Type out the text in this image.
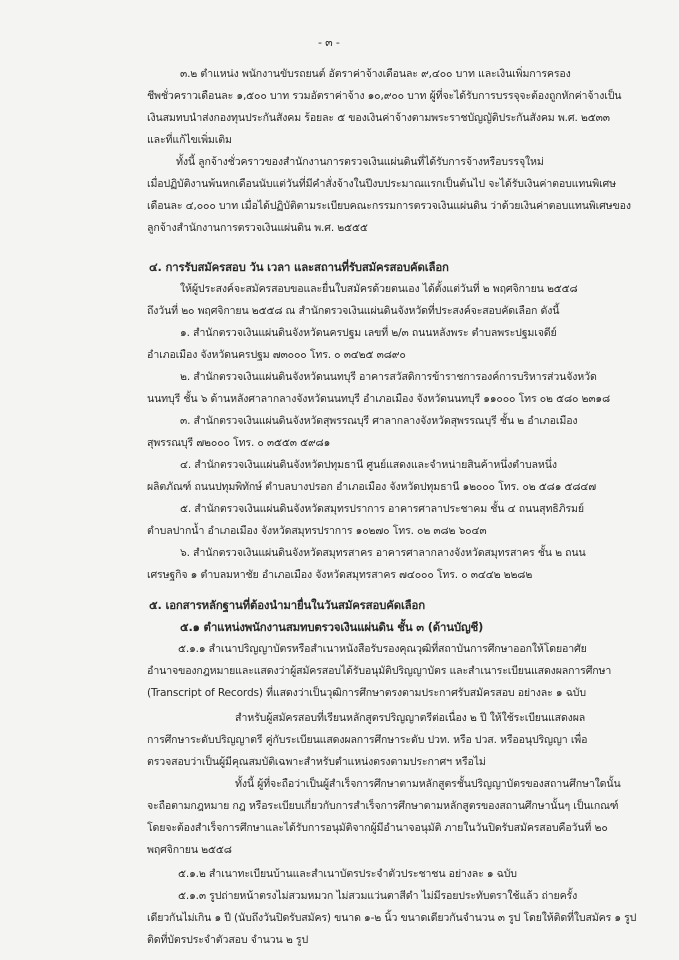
- ๓ -
๓.๒ ตำแหน่ง พนักงานขับรถยนต์ อัตราค่าจ้างเดือนละ ๙,๔๐๐ บาท และเงินเพิ่มการครอง
ชีพชั่วคราวเดือนละ ๑,๕๐๐ บาท รวมอัตราค่าจ้าง ๑๐,๙๐๐ บาท ผู้ที่จะได้รับการบรรจุจะต้องถูกหักค่าจ้างเป็น
เงินสมทบนำส่งกองทุนประกันสังคม ร้อยละ ๕ ของเงินค่าจ้างตามพระราชบัญญัติประกันสังคม พ.ศ. ๒๕๓๓
และที่แก้ไขเพิ่มเติม
ทั้งนี้ ลูกจ้างชั่วคราวของสำนักงานการตรวจเงินแผ่นดินที่ได้รับการจ้างหรือบรรจุใหม่
เมื่อปฏิบัติงานพ้นหกเดือนนับแต่วันที่มีคำสั่งจ้างในปีงบประมาณแรกเป็นต้นไป จะได้รับเงินค่าตอบแทนพิเศษ
เดือนละ ๔,๐๐๐ บาท เมื่อได้ปฏิบัติตามระเบียบคณะกรรมการตรวจเงินแผ่นดิน ว่าด้วยเงินค่าตอบแทนพิเศษของ
ลูกจ้างสำนักงานการตรวจเงินแผ่นดิน พ.ศ. ๒๕๕๕
๔. การรับสมัครสอบ วัน เวลา และสถานที่รับสมัครสอบคัดเลือก
ให้ผู้ประสงค์จะสมัครสอบขอและยื่นใบสมัครด้วยตนเอง ได้ตั้งแต่วันที่ ๒ พฤศจิกายน ๒๕๕๘
ถึงวันที่ ๒๐ พฤศจิกายน ๒๕๕๘ ณ สำนักตรวจเงินแผ่นดินจังหวัดที่ประสงค์จะสอบคัดเลือก ดังนี้
๑. สำนักตรวจเงินแผ่นดินจังหวัดนครปฐม เลขที่ ๒/๓ ถนนหลังพระ ตำบลพระปฐมเจดีย์
อำเภอเมือง จังหวัดนครปฐม ๗๓๐๐๐ โทร. ๐ ๓๔๒๕ ๓๘๙๐
๒. สำนักตรวจเงินแผ่นดินจังหวัดนนทบุรี อาคารสวัสดิการข้าราชการองค์การบริหารส่วนจังหวัด
นนทบุรี ชั้น ๖ ด้านหลังศาลากลางจังหวัดนนทบุรี อำเภอเมือง จังหวัดนนทบุรี ๑๑๐๐๐ โทร ๐๒ ๕๘๐ ๒๓๑๘
๓. สำนักตรวจเงินแผ่นดินจังหวัดสุพรรณบุรี ศาลากลางจังหวัดสุพรรณบุรี ชั้น ๒ อำเภอเมือง
สุพรรณบุรี ๗๒๐๐๐ โทร. ๐ ๓๕๕๓ ๕๙๘๑
๔. สำนักตรวจเงินแผ่นดินจังหวัดปทุมธานี ศูนย์แสดงและจำหน่ายสินค้าหนึ่งตำบลหนึ่ง
ผลิตภัณฑ์ ถนนปทุมพิทักษ์ ตำบลบางปรอก อำเภอเมือง จังหวัดปทุมธานี ๑๒๐๐๐ โทร. ๐๒ ๕๘๑ ๕๘๔๗
๕. สำนักตรวจเงินแผ่นดินจังหวัดสมุทรปราการ อาคารศาลาประชาคม ชั้น ๔ ถนนสุทธิภิรมย์
ตำบลปากน้ำ อำเภอเมือง จังหวัดสมุทรปราการ ๑๐๒๗๐ โทร. ๐๒ ๓๘๒ ๖๐๔๓
๖. สำนักตรวจเงินแผ่นดินจังหวัดสมุทรสาคร อาคารศาลากลางจังหวัดสมุทรสาคร ชั้น ๒ ถนน
เศรษฐกิจ ๑ ตำบลมหาชัย อำเภอเมือง จังหวัดสมุทรสาคร ๗๔๐๐๐ โทร. ๐ ๓๔๔๒ ๒๒๘๒
๕. เอกสารหลักฐานที่ต้องนำมายื่นในวันสมัครสอบคัดเลือก
๕.๑ ตำแหน่งพนักงานสมทบตรวจเงินแผ่นดิน ชั้น ๓ (ด้านบัญชี)
๕.๑.๑ สำเนาปริญญาบัตรหรือสำเนาหนังสือรับรองคุณวุฒิที่สถาบันการศึกษาออกให้โดยอาศัย
อำนาจของกฎหมายและแสดงว่าผู้สมัครสอบได้รับอนุมัติปริญญาบัตร และสำเนาระเบียนแสดงผลการศึกษา
(Transcript of Records) ที่แสดงว่าเป็นวุฒิการศึกษาตรงตามประกาศรับสมัครสอบ อย่างละ ๑ ฉบับ
สำหรับผู้สมัครสอบที่เรียนหลักสูตรปริญญาตรีต่อเนื่อง ๒ ปี ให้ใช้ระเบียนแสดงผล
การศึกษาระดับปริญญาตรี คู่กับระเบียนแสดงผลการศึกษาระดับ ปวท. หรือ ปวส. หรืออนุปริญญา เพื่อ
ตรวจสอบว่าเป็นผู้มีคุณสมบัติเฉพาะสำหรับตำแหน่งตรงตามประกาศฯ หรือไม่
ทั้งนี้ ผู้ที่จะถือว่าเป็นผู้สำเร็จการศึกษาตามหลักสูตรชั้นปริญญาบัตรของสถานศึกษาใดนั้น
จะถือตามกฎหมาย กฎ หรือระเบียบเกี่ยวกับการสำเร็จการศึกษาตามหลักสูตรของสถานศึกษานั้นๆ เป็นเกณฑ์
โดยจะต้องสำเร็จการศึกษาและได้รับการอนุมัติจากผู้มีอำนาจอนุมัติ ภายในวันปิดรับสมัครสอบคือวันที่ ๒๐
พฤศจิกายน ๒๕๕๘
๕.๑.๒ สำเนาทะเบียนบ้านและสำเนาบัตรประจำตัวประชาชน อย่างละ ๑ ฉบับ
๕.๑.๓ รูปถ่ายหน้าตรงไม่สวมหมวก ไม่สวมแว่นตาสีดำ ไม่มีรอยประทับตราใช้แล้ว ถ่ายครั้ง
เดียวกันไม่เกิน ๑ ปี (นับถึงวันปิดรับสมัคร) ขนาด ๑-๒ นิ้ว ขนาดเดียวกันจำนวน ๓ รูป โดยให้ติดที่ใบสมัคร ๑ รูป
ติดที่บัตรประจำตัวสอบ จำนวน ๒ รูป
